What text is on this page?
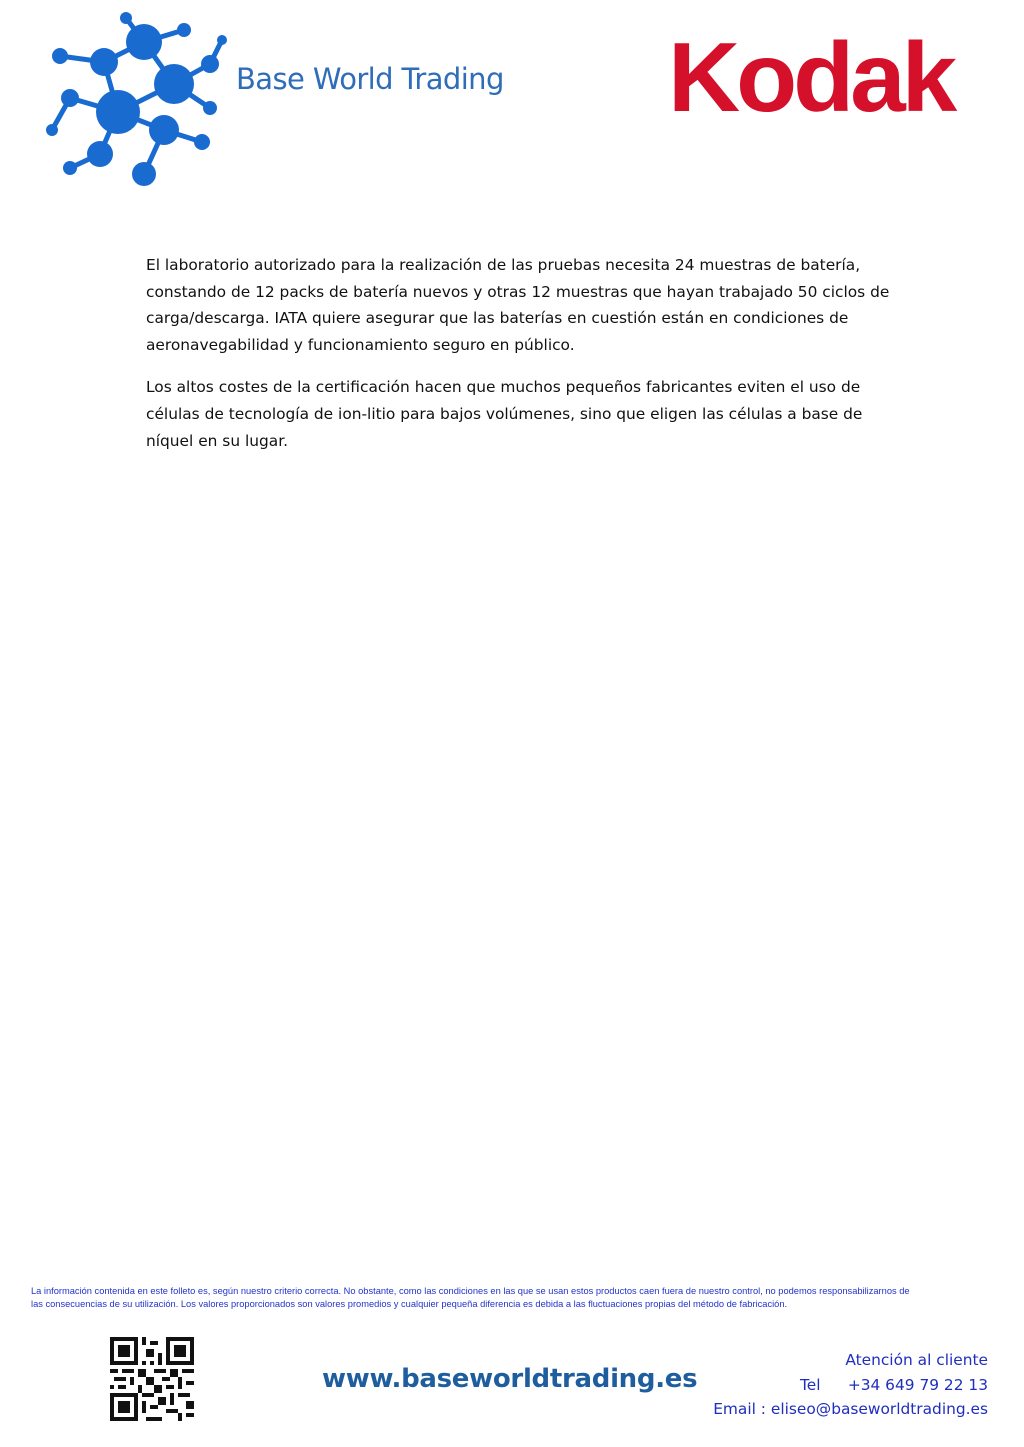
Base World Trading Kodak

El laboratorio autorizado para la realización de las pruebas necesita 24 muestras de batería, constando de 12 packs de batería nuevos y otras 12 muestras que hayan trabajado 50 ciclos de carga/descarga. IATA quiere asegurar que las baterías en cuestión están en condiciones de aeronavegabilidad y funcionamiento seguro en público.

Los altos costes de la certificación hacen que muchos pequeños fabricantes eviten el uso de células de tecnología de ion-litio para bajos volúmenes, sino que eligen las células a base de níquel en su lugar.

La información contenida en este folleto es, según nuestro criterio correcta. No obstante, como las condiciones en las que se usan estos productos caen fuera de nuestro control, no podemos responsabilizarnos de
las consecuencias de su utilización. Los valores proporcionados son valores promedios y cualquier pequeña diferencia es debida a las fluctuaciones propias del método de fabricación.
www.baseworldtrading.es
Atención al cliente
Tel +34 649 79 22 13
Email : eliseo@baseworldtrading.es
